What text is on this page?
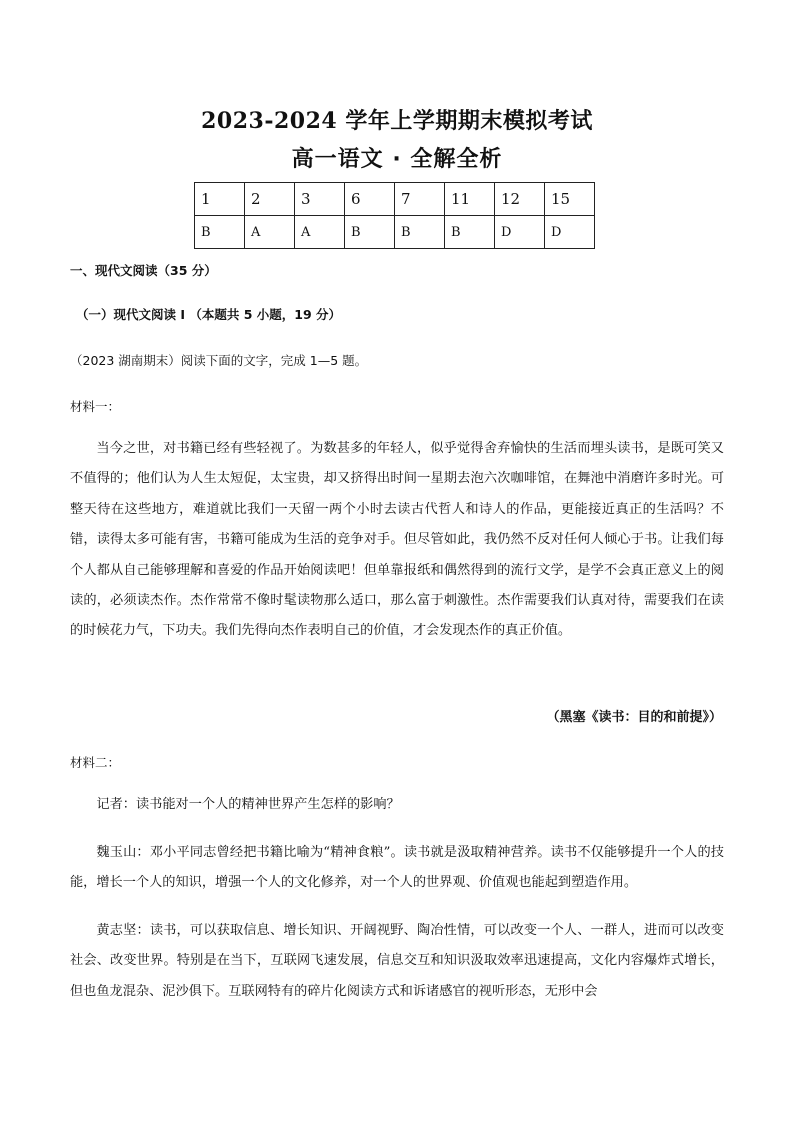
2023-2024 学年上学期期末模拟考试
高一语文 · 全解全析
1	2	3	6	7	11	12	15
B	A	A	B	B	B	D	D
一、现代文阅读（35 分）
（一）现代文阅读 I （本题共 5 小题，19 分）
（2023 湖南期末）阅读下面的文字，完成 1—5 题。
材料一：
当今之世，对书籍已经有些轻视了。为数甚多的年轻人，似乎觉得舍弃愉快的生活而埋头读书，是既可笑又不值得的；他们认为人生太短促，太宝贵，却又挤得出时间一星期去泡六次咖啡馆，在舞池中消磨许多时光。可整天待在这些地方，难道就比我们一天留一两个小时去读古代哲人和诗人的作品，更能接近真正的生活吗？不错，读得太多可能有害，书籍可能成为生活的竞争对手。但尽管如此，我仍然不反对任何人倾心于书。让我们每个人都从自己能够理解和喜爱的作品开始阅读吧！但单靠报纸和偶然得到的流行文学，是学不会真正意义上的阅读的，必须读杰作。杰作常常不像时髦读物那么适口，那么富于刺激性。杰作需要我们认真对待，需要我们在读的时候花力气，下功夫。我们先得向杰作表明自己的价值，才会发现杰作的真正价值。
（黑塞《读书：目的和前提》）
材料二：
记者：读书能对一个人的精神世界产生怎样的影响？
魏玉山：邓小平同志曾经把书籍比喻为“精神食粮”。读书就是汲取精神营养。读书不仅能够提升一个人的技能，增长一个人的知识，增强一个人的文化修养，对一个人的世界观、价值观也能起到塑造作用。
黄志坚：读书，可以获取信息、增长知识、开阔视野、陶冶性情，可以改变一个人、一群人，进而可以改变社会、改变世界。特别是在当下，互联网飞速发展，信息交互和知识汲取效率迅速提高，文化内容爆炸式增长，但也鱼龙混杂、泥沙俱下。互联网特有的碎片化阅读方式和诉诸感官的视听形态，无形中会
